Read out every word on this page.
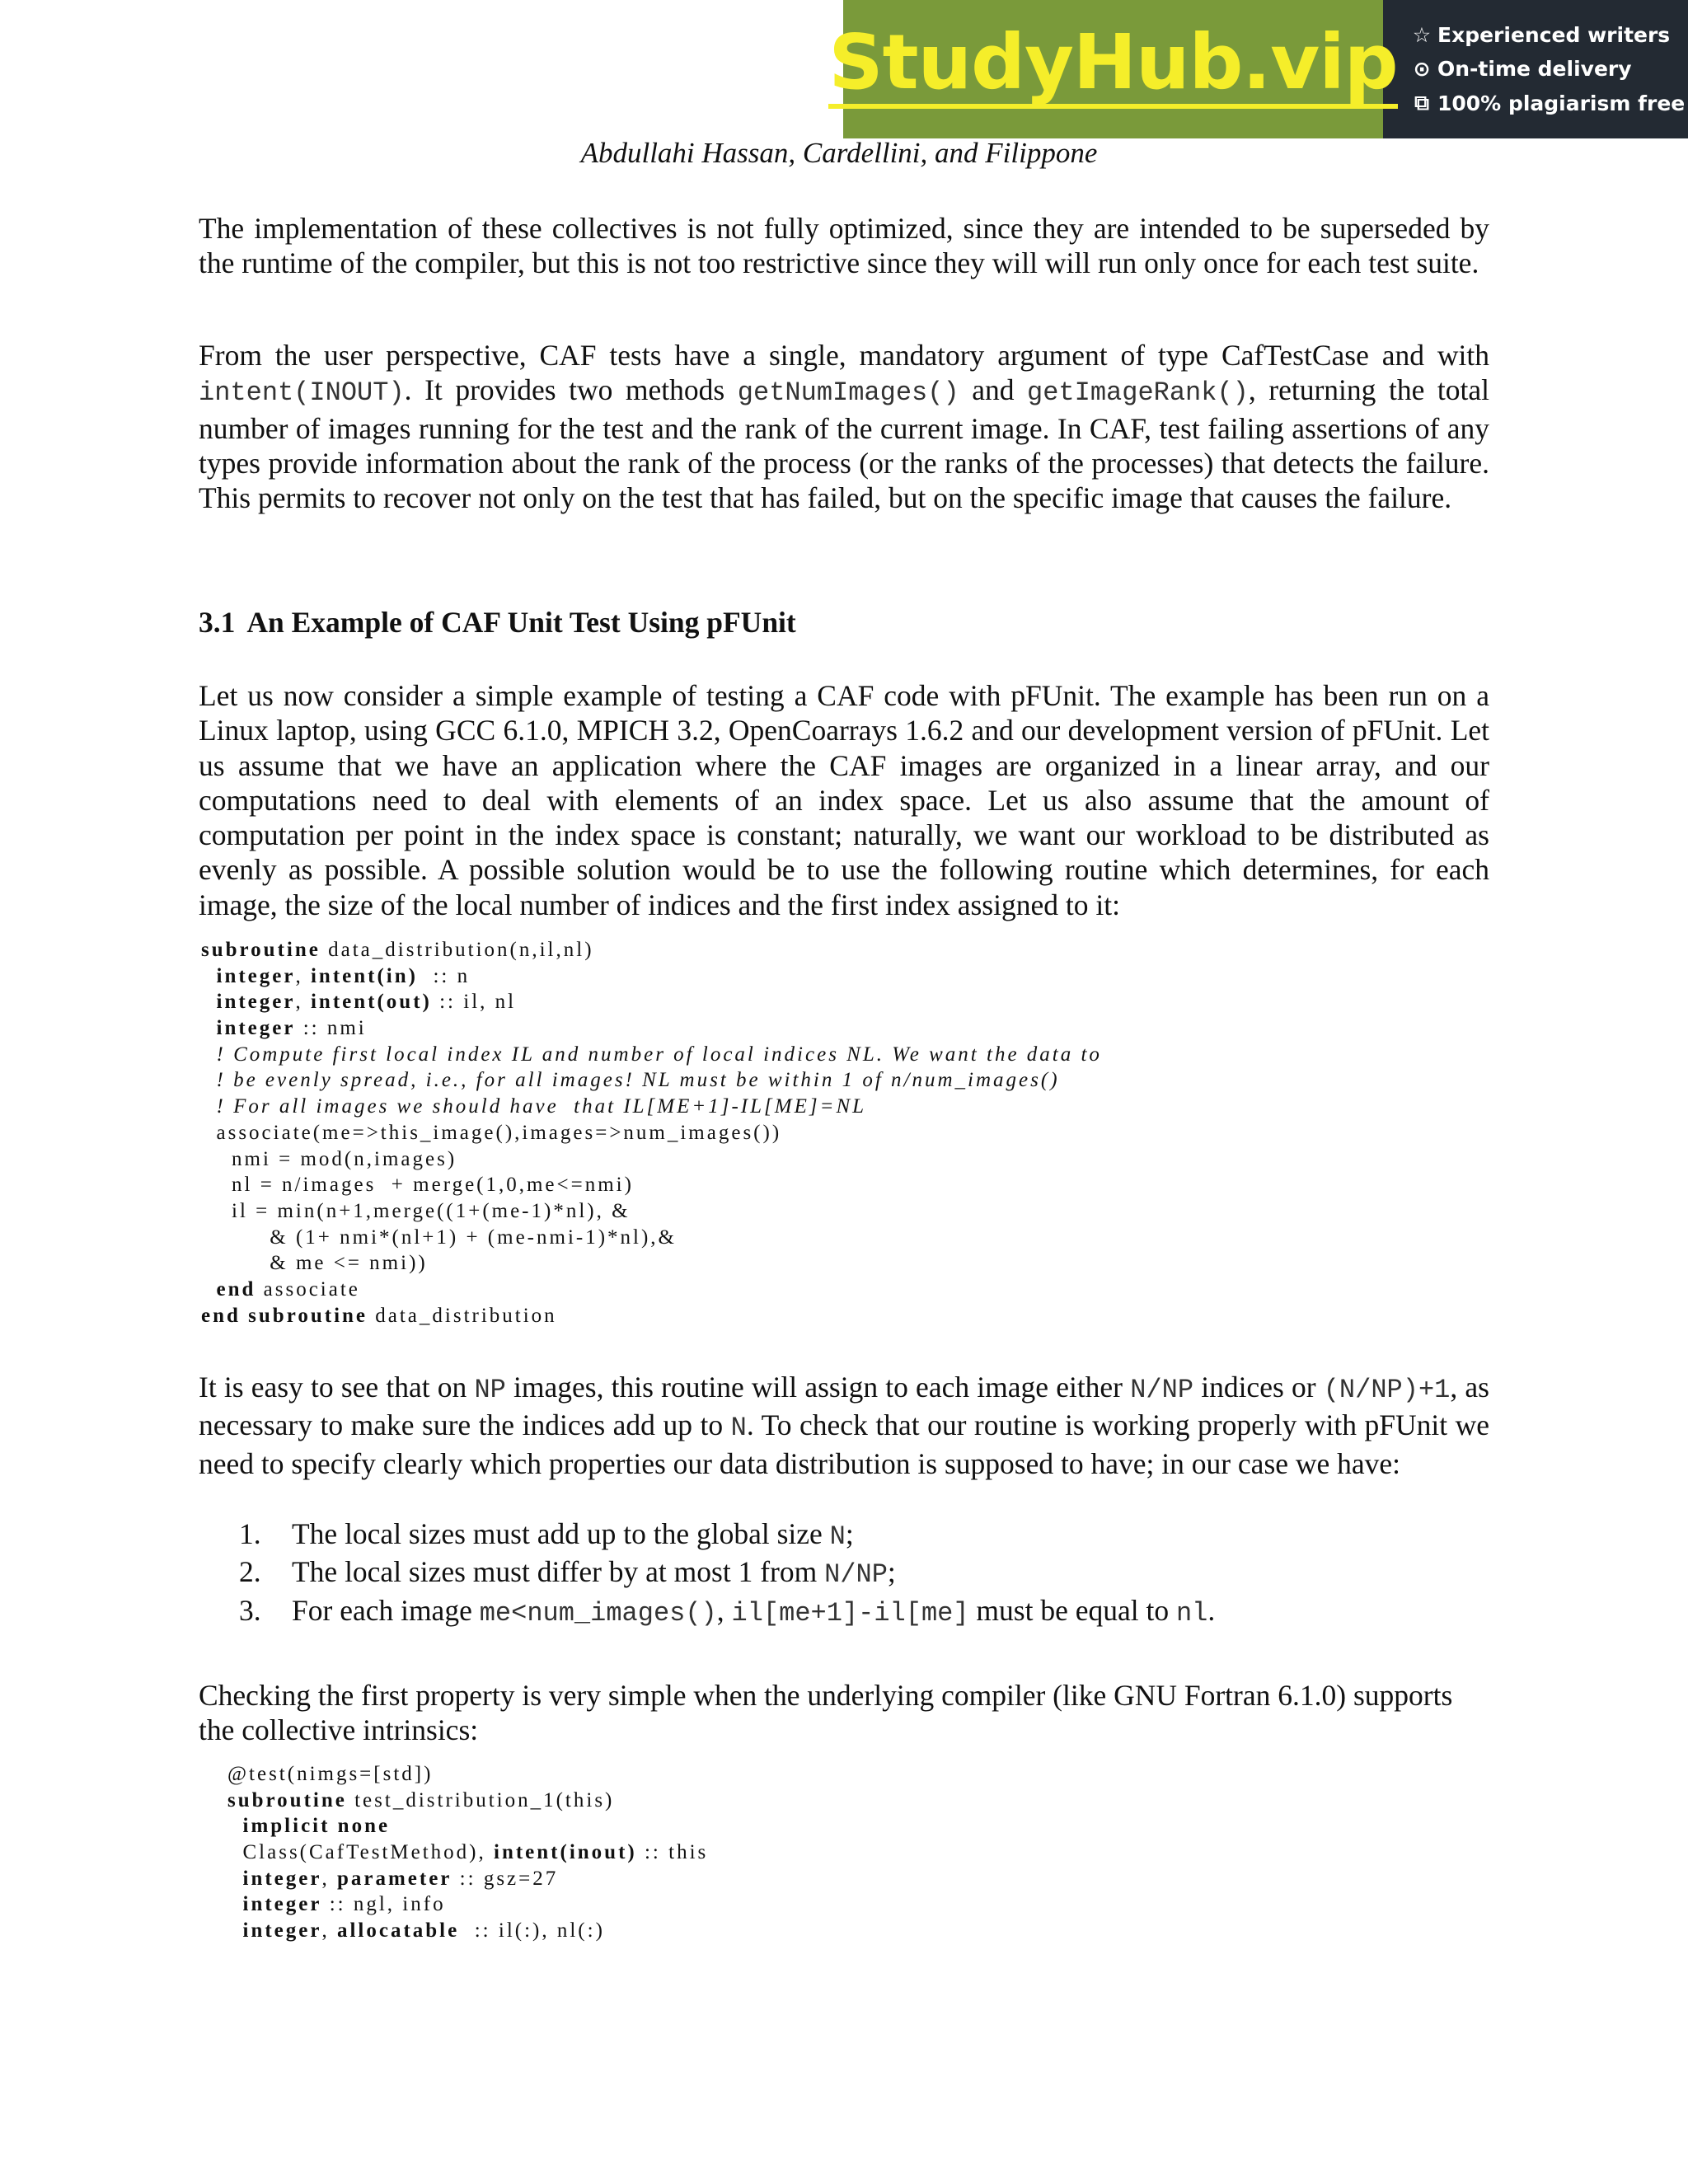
StudyHub.vip ☆ Experienced writers
⊙ On-time delivery
⧉ 100% plagiarism free
Abdullahi Hassan, Cardellini, and Filippone

The implementation of these collectives is not fully optimized, since they are intended to be superseded by the runtime of the compiler, but this is not too restrictive since they will will run only once for each test suite.

From the user perspective, CAF tests have a single, mandatory argument of type CafTestCase and with intent(INOUT). It provides two methods getNumImages() and getImageRank(), returning the total number of images running for the test and the rank of the current image. In CAF, test failing assertions of any types provide information about the rank of the process (or the ranks of the processes) that detects the failure. This permits to recover not only on the test that has failed, but on the specific image that causes the failure.

3.1 An Example of CAF Unit Test Using pFUnit

Let us now consider a simple example of testing a CAF code with pFUnit. The example has been run on a Linux laptop, using GCC 6.1.0, MPICH 3.2, OpenCoarrays 1.6.2 and our development version of pFUnit. Let us assume that we have an application where the CAF images are organized in a linear array, and our computations need to deal with elements of an index space. Let us also assume that the amount of computation per point in the index space is constant; naturally, we want our workload to be distributed as evenly as possible. A possible solution would be to use the following routine which determines, for each image, the size of the local number of indices and the first index assigned to it:

subroutine data_distribution(n,il,nl)
integer, intent(in)  :: n
integer, intent(out) :: il, nl
integer :: nmi
! Compute first local index IL and number of local indices NL. We want the data to
! be evenly spread, i.e., for all images! NL must be within 1 of n/num_images()
! For all images we should have  that IL[ME+1]-IL[ME]=NL
associate(me=>this_image(),images=>num_images())
nmi = mod(n,images)
nl = n/images  + merge(1,0,me<=nmi)
il = min(n+1,merge((1+(me-1)*nl), &
& (1+ nmi*(nl+1) + (me-nmi-1)*nl),&
& me <= nmi))
end associate
end subroutine data_distribution

It is easy to see that on NP images, this routine will assign to each image either N/NP indices or (N/NP)+1, as necessary to make sure the indices add up to N. To check that our routine is working properly with pFUnit we need to specify clearly which properties our data distribution is supposed to have; in our case we have:

1.	The local sizes must add up to the global size N;
2.	The local sizes must differ by at most 1 from N/NP;
3.	For each image me<num_images(), il[me+1]-il[me] must be equal to nl.

Checking the first property is very simple when the underlying compiler (like GNU Fortran 6.1.0) supports the collective intrinsics:

@test(nimgs=[std])
subroutine test_distribution_1(this)
implicit none
Class(CafTestMethod), intent(inout) :: this
integer, parameter :: gsz=27
integer :: ngl, info
integer, allocatable  :: il(:), nl(:)
